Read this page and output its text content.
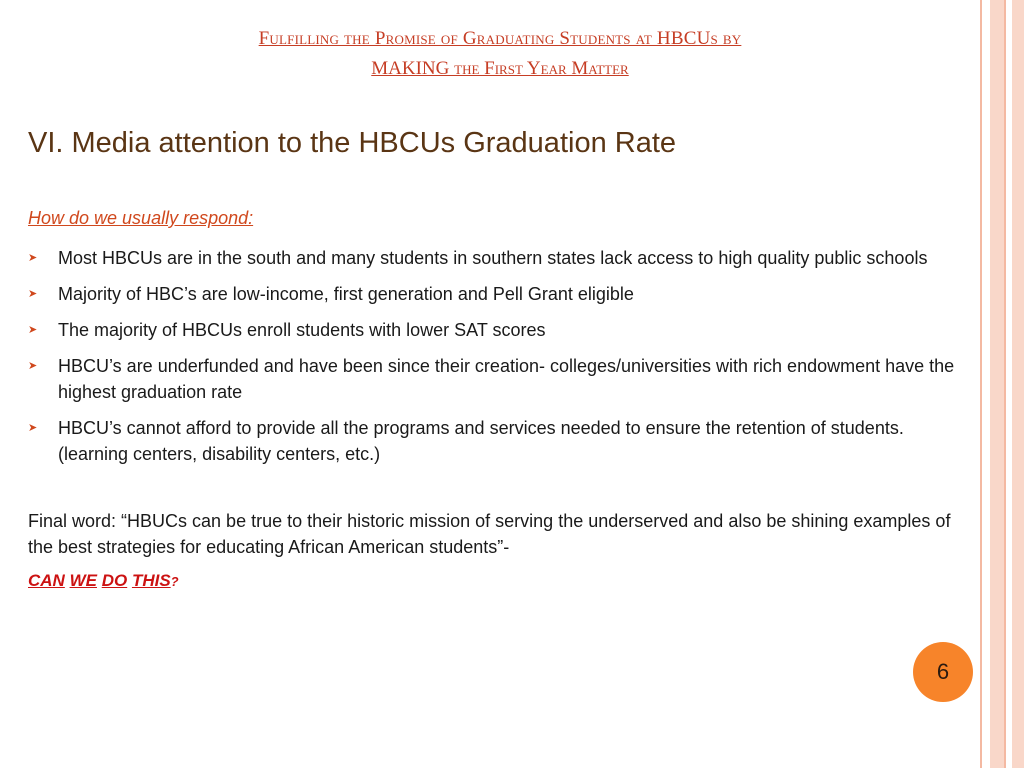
Fulfilling the Promise of Graduating Students at HBCUs by
MAKING the First Year Matter
VI. Media attention to the HBCUs Graduation Rate
How do we usually respond:
➤ Most HBCUs are in the south and many students in southern states lack access to high quality public schools
➤ Majority of HBC’s are low-income, first generation and Pell Grant eligible
➤ The majority of HBCUs enroll students with lower SAT scores
➤ HBCU’s are underfunded and have been since their creation- colleges/universities with rich endowment have the highest graduation rate
➤ HBCU’s cannot afford to provide all the programs and services needed to ensure the retention of students. (learning centers, disability centers, etc.)
Final word: “HBUCs can be true to their historic mission of serving the underserved and also be shining examples of the best strategies for educating African American students”-
CAN WE DO THIS?
6
